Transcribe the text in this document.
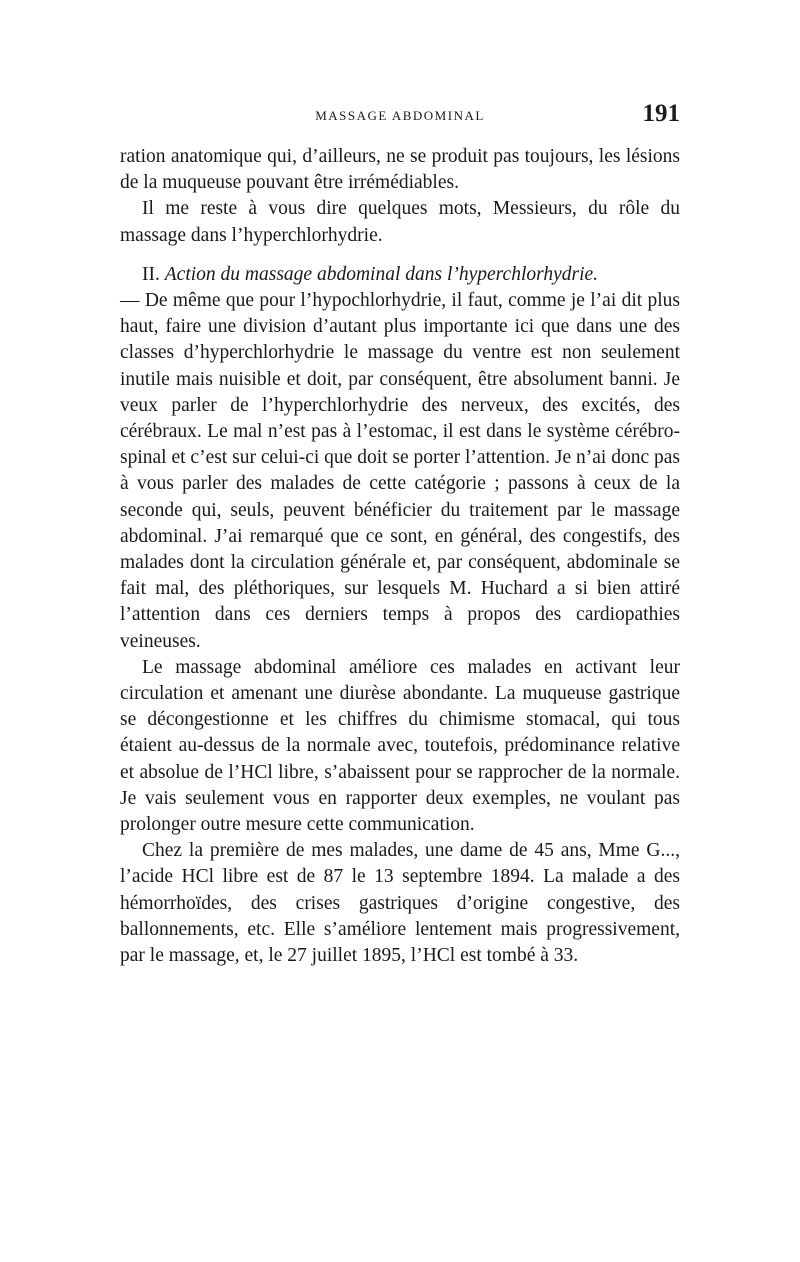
MASSAGE ABDOMINAL	191

ration anatomique qui, d’ailleurs, ne se produit pas toujours, les lésions de la muqueuse pouvant être irrémédiables.

Il me reste à vous dire quelques mots, Messieurs, du rôle du massage dans l’hyperchlorhydrie.

II. Action du massage abdominal dans l’hyperchlorhydrie.

— De même que pour l’hypochlorhydrie, il faut, comme je l’ai dit plus haut, faire une division d’autant plus importante ici que dans une des classes d’hyperchlorhydrie le massage du ventre est non seulement inutile mais nuisible et doit, par conséquent, être absolument banni. Je veux parler de l’hyperchlorhydrie des nerveux, des excités, des cérébraux. Le mal n’est pas à l’estomac, il est dans le système cérébro-spinal et c’est sur celui-ci que doit se porter l’attention. Je n’ai donc pas à vous parler des malades de cette catégorie ; passons à ceux de la seconde qui, seuls, peuvent bénéficier du traitement par le massage abdominal. J’ai remarqué que ce sont, en général, des congestifs, des malades dont la circulation générale et, par conséquent, abdominale se fait mal, des pléthoriques, sur lesquels M. Huchard a si bien attiré l’attention dans ces derniers temps à propos des cardiopathies veineuses.

Le massage abdominal améliore ces malades en activant leur circulation et amenant une diurèse abondante. La muqueuse gastrique se décongestionne et les chiffres du chimisme stomacal, qui tous étaient au-dessus de la normale avec, toutefois, prédominance relative et absolue de l’HCl libre, s’abaissent pour se rapprocher de la normale. Je vais seulement vous en rapporter deux exemples, ne voulant pas prolonger outre mesure cette communication.

Chez la première de mes malades, une dame de 45 ans, Mme G..., l’acide HCl libre est de 87 le 13 septembre 1894. La malade a des hémorrhoïdes, des crises gastriques d’origine congestive, des ballonnements, etc. Elle s’améliore lentement mais progressivement, par le massage, et, le 27 juillet 1895, l’HCl est tombé à 33.
